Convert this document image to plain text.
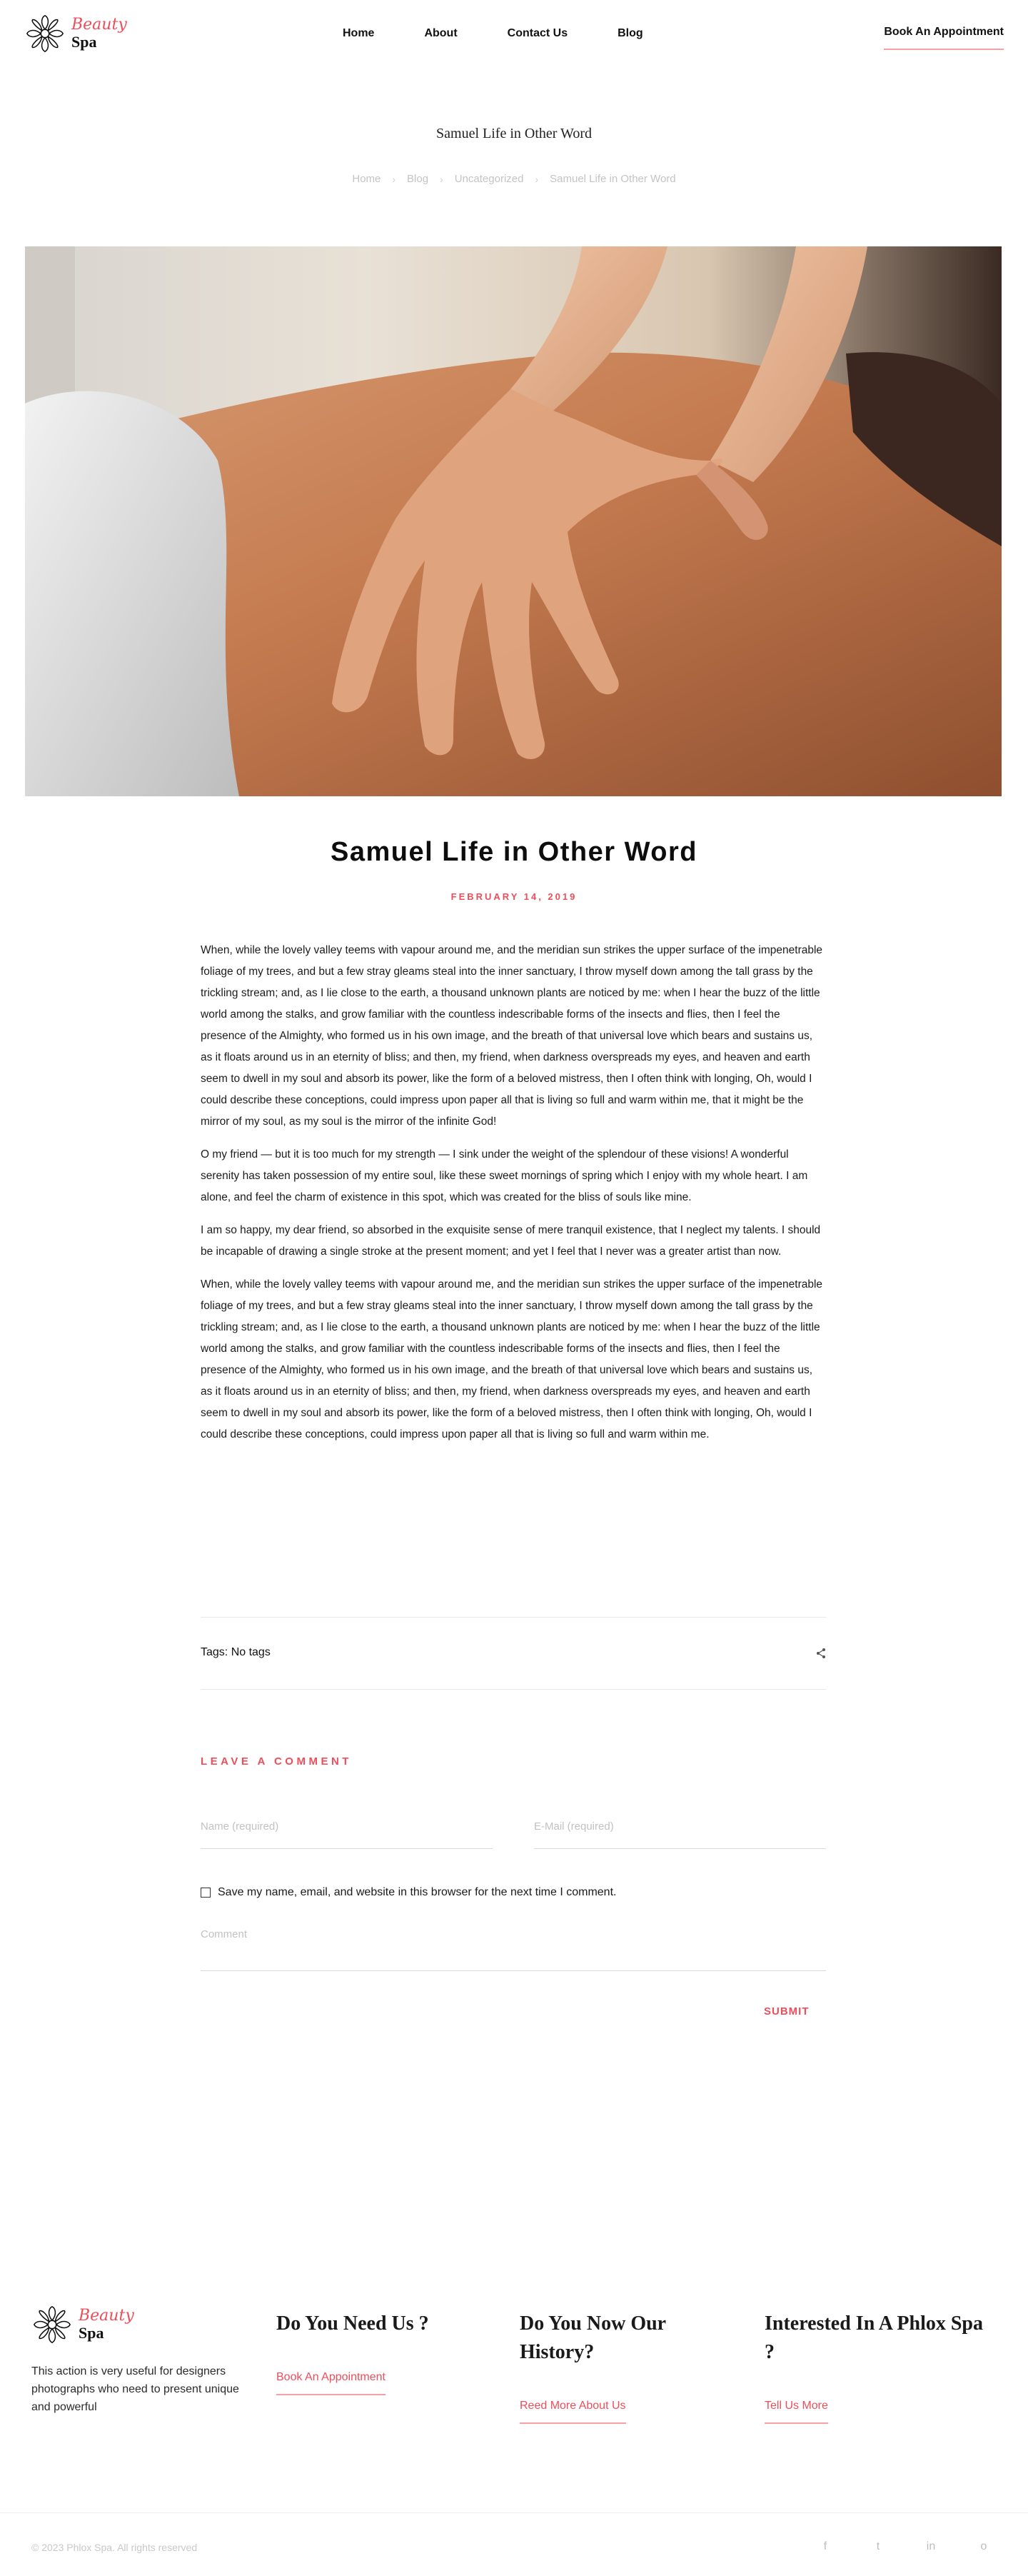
Beauty
Spa	Home	About	Contact Us	Blog	Book An Appointment
Samuel Life in Other Word
Home › Blog › Uncategorized › Samuel Life in Other Word
Samuel Life in Other Word
FEBRUARY 14, 2019

When, while the lovely valley teems with vapour around me, and the meridian sun strikes the upper surface of the impenetrable foliage of my trees, and but a few stray gleams steal into the inner sanctuary, I throw myself down among the tall grass by the trickling stream; and, as I lie close to the earth, a thousand unknown plants are noticed by me: when I hear the buzz of the little world among the stalks, and grow familiar with the countless indescribable forms of the insects and flies, then I feel the presence of the Almighty, who formed us in his own image, and the breath of that universal love which bears and sustains us, as it floats around us in an eternity of bliss; and then, my friend, when darkness overspreads my eyes, and heaven and earth seem to dwell in my soul and absorb its power, like the form of a beloved mistress, then I often think with longing, Oh, would I could describe these conceptions, could impress upon paper all that is living so full and warm within me, that it might be the mirror of my soul, as my soul is the mirror of the infinite God!

O my friend — but it is too much for my strength — I sink under the weight of the splendour of these visions! A wonderful serenity has taken possession of my entire soul, like these sweet mornings of spring which I enjoy with my whole heart. I am alone, and feel the charm of existence in this spot, which was created for the bliss of souls like mine.

I am so happy, my dear friend, so absorbed in the exquisite sense of mere tranquil existence, that I neglect my talents. I should be incapable of drawing a single stroke at the present moment; and yet I feel that I never was a greater artist than now.

When, while the lovely valley teems with vapour around me, and the meridian sun strikes the upper surface of the impenetrable foliage of my trees, and but a few stray gleams steal into the inner sanctuary, I throw myself down among the tall grass by the trickling stream; and, as I lie close to the earth, a thousand unknown plants are noticed by me: when I hear the buzz of the little world among the stalks, and grow familiar with the countless indescribable forms of the insects and flies, then I feel the presence of the Almighty, who formed us in his own image, and the breath of that universal love which bears and sustains us, as it floats around us in an eternity of bliss; and then, my friend, when darkness overspreads my eyes, and heaven and earth seem to dwell in my soul and absorb its power, like the form of a beloved mistress, then I often think with longing, Oh, would I could describe these conceptions, could impress upon paper all that is living so full and warm within me.

Tags: No tags
LEAVE A COMMENT
Name (required)
E-Mail (required)
Save my name, email, and website in this browser for the next time I comment.
Comment
SUBMIT
Beauty
Spa
This action is very useful for designers photographs who need to present unique and powerful
Do You Need Us ?
Book An Appointment
Do You Now Our History?
Reed More About Us
Interested In A Phlox Spa ?
Tell Us More
© 2023 Phlox Spa. All rights reserved	f	t	in	o
